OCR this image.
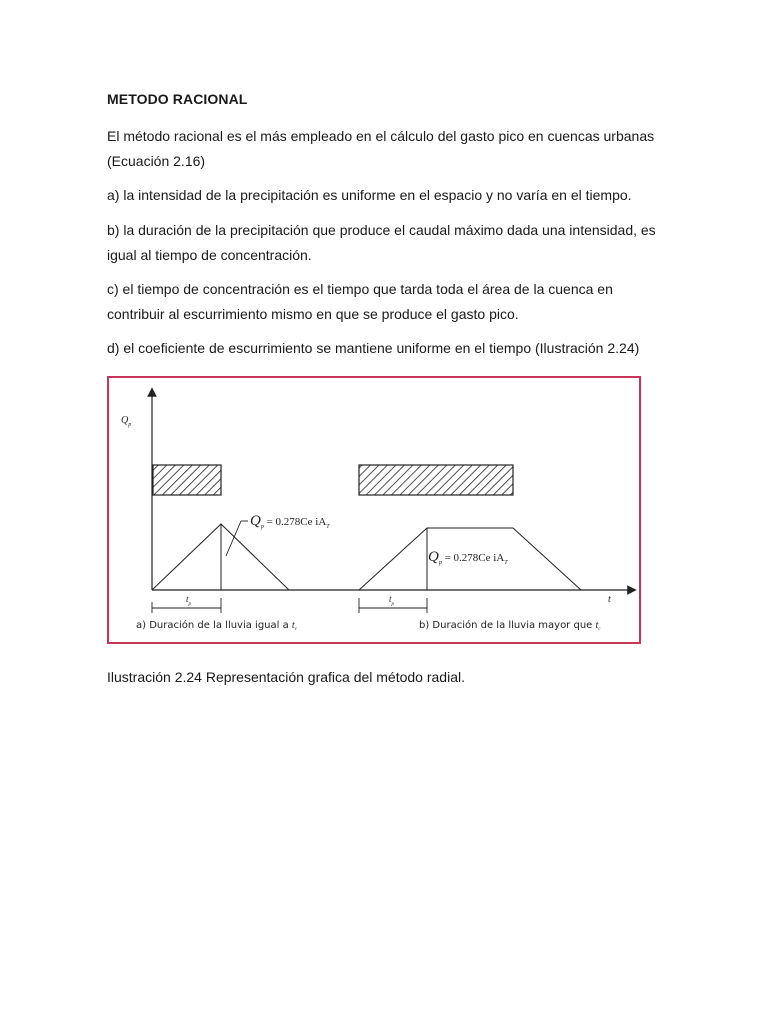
METODO RACIONAL

El método racional es el más empleado en el cálculo del gasto pico en cuencas urbanas (Ecuación 2.16)

a) la intensidad de la precipitación es uniforme en el espacio y no varía en el tiempo.

b) la duración de la precipitación que produce el caudal máximo dada una intensidad, es igual al tiempo de concentración.

c) el tiempo de concentración es el tiempo que tarda toda el área de la cuenca en contribuir al escurrimiento mismo en que se produce el gasto pico.

d) el coeficiente de escurrimiento se mantiene uniforme en el tiempo (Ilustración 2.24)

$Q_p$
t
$Q_p = 0.278Ce$ $iA_T$
$Q_p = 0.278Ce$ $iA_T$
$t_p$
$t_p$
a) Duración de la lluvia igual a $t_c$	b) Duración de la lluvia mayor que $t_c$

Ilustración 2.24 Representación grafica del método radial.
